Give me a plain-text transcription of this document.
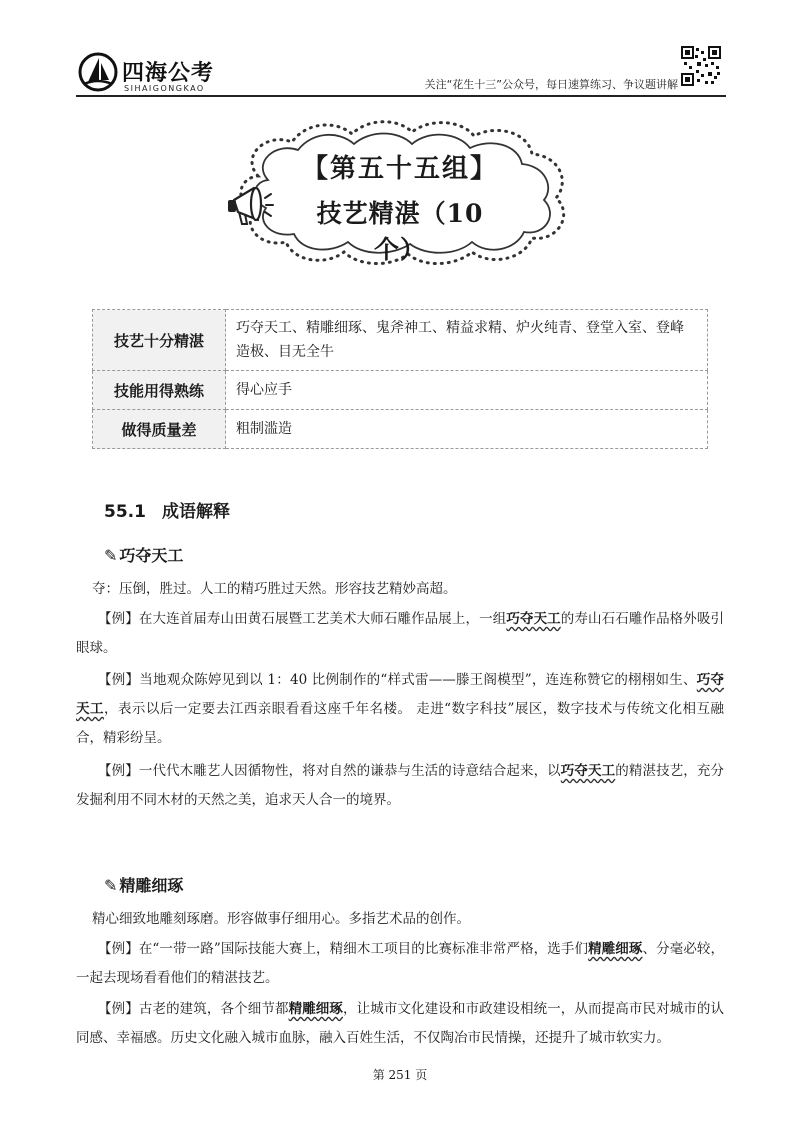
四海公考
SIHAIGONGKAO	关注“花生十三”公众号，每日速算练习、争议题讲解
【第五十五组】
技艺精湛（10个）
技艺十分精湛	巧夺天工、精雕细琢、鬼斧神工、精益求精、炉火纯青、登堂入室、登峰造极、目无全牛
技能用得熟练	得心应手
做得质量差	粗制滥造
55.1 成语解释
✎ 巧夺天工
夺：压倒，胜过。人工的精巧胜过天然。形容技艺精妙高超。
【例】在大连首届寿山田黄石展暨工艺美术大师石雕作品展上，一组巧夺天工的寿山石石雕作品格外吸引眼球。
【例】当地观众陈婷见到以 1：40 比例制作的“样式雷——滕王阁模型”，连连称赞它的栩栩如生、巧夺天工，表示以后一定要去江西亲眼看看这座千年名楼。 走进“数字科技”展区，数字技术与传统文化相互融合，精彩纷呈。
【例】一代代木雕艺人因循物性，将对自然的谦恭与生活的诗意结合起来，以巧夺天工的精湛技艺，充分发掘利用不同木材的天然之美，追求天人合一的境界。
✎ 精雕细琢
精心细致地雕刻琢磨。形容做事仔细用心。多指艺术品的创作。
【例】在“一带一路”国际技能大赛上，精细木工项目的比赛标准非常严格，选手们精雕细琢、分毫必较，一起去现场看看他们的精湛技艺。
【例】古老的建筑，各个细节都精雕细琢，让城市文化建设和市政建设相统一，从而提高市民对城市的认同感、幸福感。历史文化融入城市血脉，融入百姓生活，不仅陶冶市民情操，还提升了城市软实力。
第 251 页
